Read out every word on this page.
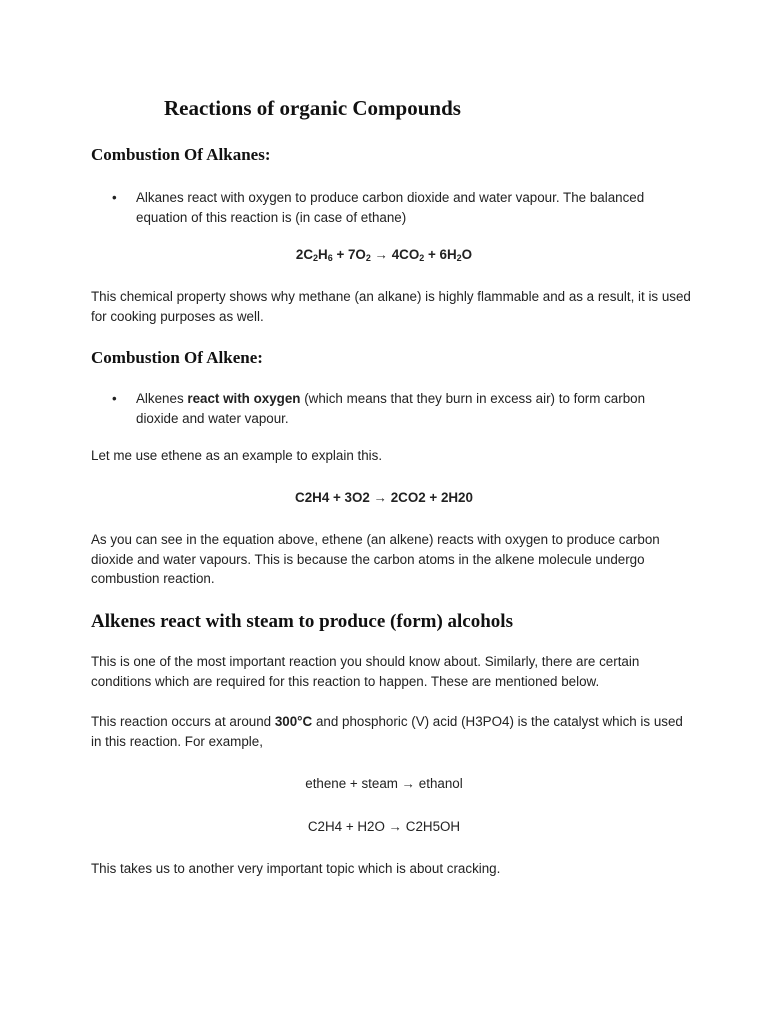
Reactions of organic Compounds
Combustion Of Alkanes:

• Alkanes react with oxygen to produce carbon dioxide and water vapour. The balanced equation of this reaction is (in case of ethane)

$2C_2H_6 + 7O_2 \to 4CO_2 + 6H_2O$

This chemical property shows why methane (an alkane) is highly flammable and as a result, it is used for cooking purposes as well.

Combustion Of Alkene:

• Alkenes react with oxygen (which means that they burn in excess air) to form carbon dioxide and water vapour.

Let me use ethene as an example to explain this.

C2H4 + 3O2 → 2CO2 + 2H20

As you can see in the equation above, ethene (an alkene) reacts with oxygen to produce carbon dioxide and water vapours. This is because the carbon atoms in the alkene molecule undergo combustion reaction.

Alkenes react with steam to produce (form) alcohols

This is one of the most important reaction you should know about. Similarly, there are certain conditions which are required for this reaction to happen. These are mentioned below.

This reaction occurs at around 300°C and phosphoric (V) acid (H3PO4) is the catalyst which is used in this reaction. For example,

ethene + steam → ethanol

C2H4 + H2O → C2H5OH

This takes us to another very important topic which is about cracking.
